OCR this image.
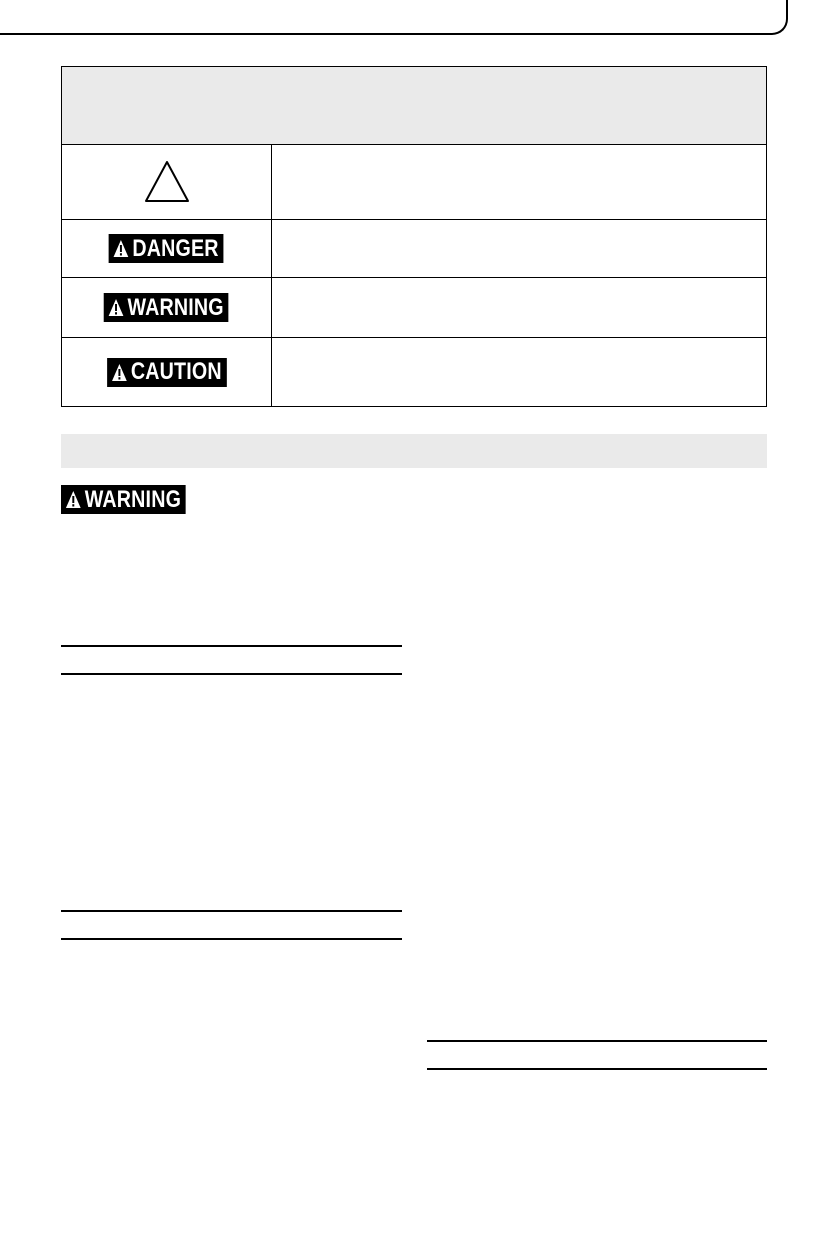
DANGER
WARNING
CAUTION
WARNING
